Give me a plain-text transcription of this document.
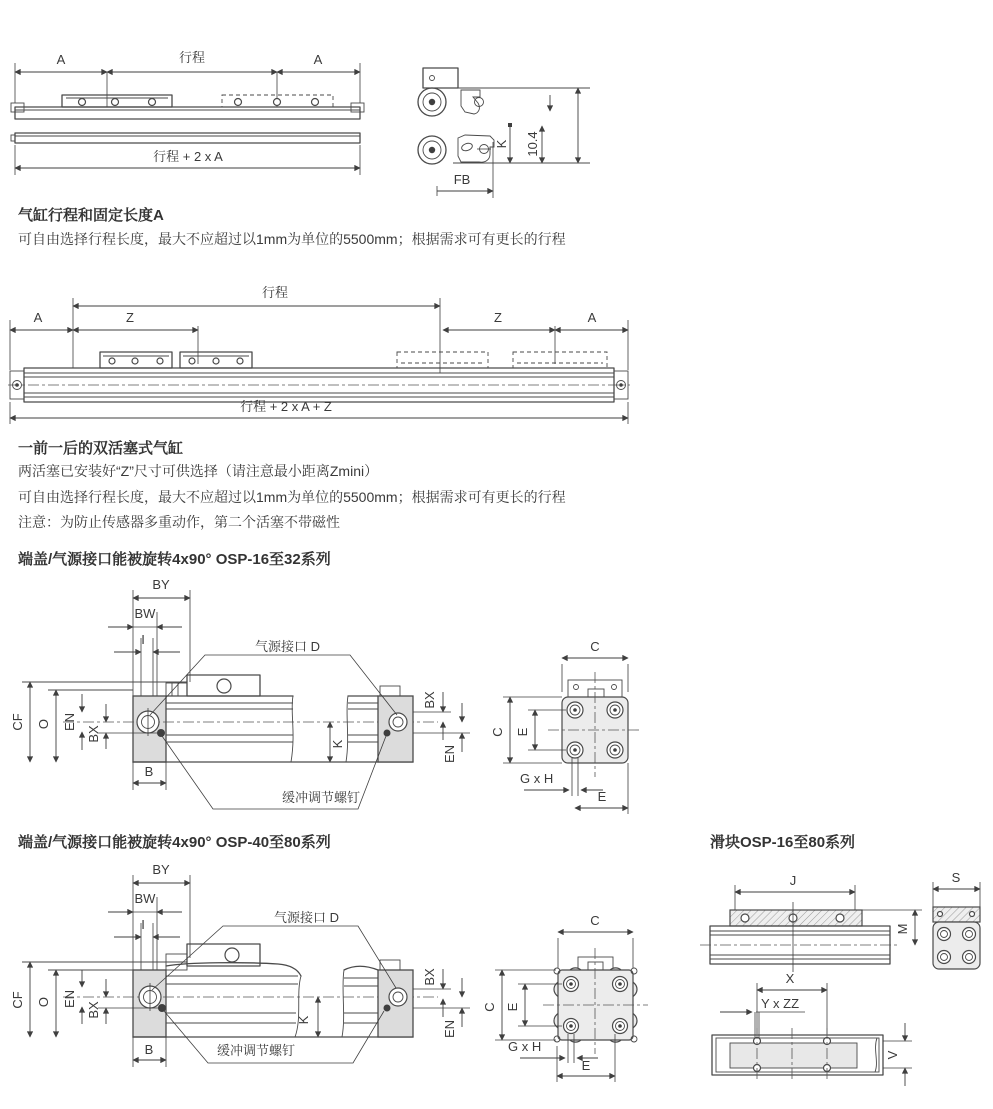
A	行程	A
行程 + 2 x A
K 10.4
FB
气缸行程和固定长度A
可自由选择行程长度，最大不应超过以1mm为单位的5500mm；根据需求可有更长的行程
行程
A	Z	Z	A
行程 + 2 x A + Z
一前一后的双活塞式气缸
两活塞已安装好“Z”尺寸可供选择（请注意最小距离Zmini）
可自由选择行程长度，最大不应超过以1mm为单位的5500mm；根据需求可有更长的行程
注意：为防止传感器多重动作，第二个活塞不带磁性
端盖/气源接口能被旋转4x90° OSP-16至32系列
BY
BW
I
CF O EN
BX
B
K
BX
EN
气源接口 D
缓冲调节螺钉
C
C E
G x H
E
端盖/气源接口能被旋转4x90° OSP-40至80系列	滑块OSP-16至80系列
BY
BW
I
CF O EN
BX
B
K
BX
EN
气源接口 D
缓冲调节螺钉
C
C E
G x H
E
J
M
S
X
Y x ZZ
V
